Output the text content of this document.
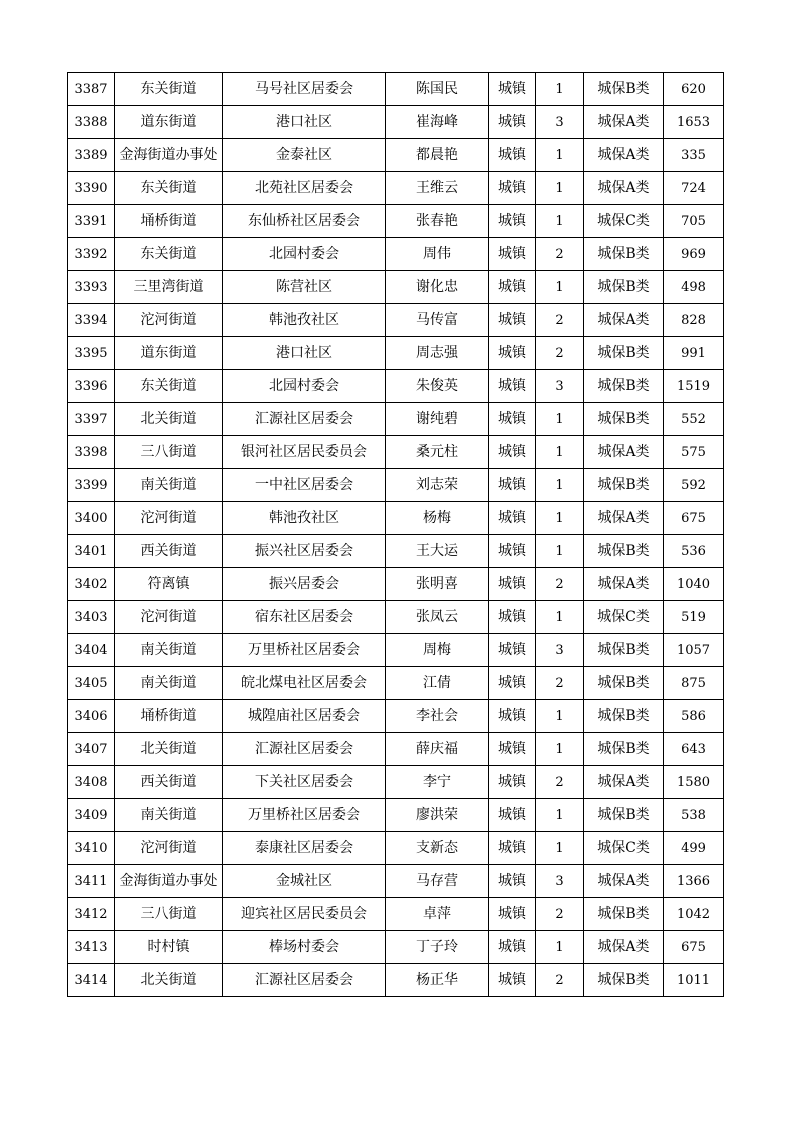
3387	东关街道	马号社区居委会	陈国民	城镇	1	城保B类	620
3388	道东街道	港口社区	崔海峰	城镇	3	城保A类	1653
3389	金海街道办事处	金泰社区	都晨艳	城镇	1	城保A类	335
3390	东关街道	北苑社区居委会	王维云	城镇	1	城保A类	724
3391	埇桥街道	东仙桥社区居委会	张春艳	城镇	1	城保C类	705
3392	东关街道	北园村委会	周伟	城镇	2	城保B类	969
3393	三里湾街道	陈营社区	谢化忠	城镇	1	城保B类	498
3394	沱河街道	韩池孜社区	马传富	城镇	2	城保A类	828
3395	道东街道	港口社区	周志强	城镇	2	城保B类	991
3396	东关街道	北园村委会	朱俊英	城镇	3	城保B类	1519
3397	北关街道	汇源社区居委会	谢纯碧	城镇	1	城保B类	552
3398	三八街道	银河社区居民委员会	桑元柱	城镇	1	城保A类	575
3399	南关街道	一中社区居委会	刘志荣	城镇	1	城保B类	592
3400	沱河街道	韩池孜社区	杨梅	城镇	1	城保A类	675
3401	西关街道	振兴社区居委会	王大运	城镇	1	城保B类	536
3402	符离镇	振兴居委会	张明喜	城镇	2	城保A类	1040
3403	沱河街道	宿东社区居委会	张凤云	城镇	1	城保C类	519
3404	南关街道	万里桥社区居委会	周梅	城镇	3	城保B类	1057
3405	南关街道	皖北煤电社区居委会	江倩	城镇	2	城保B类	875
3406	埇桥街道	城隍庙社区居委会	李社会	城镇	1	城保B类	586
3407	北关街道	汇源社区居委会	薛庆福	城镇	1	城保B类	643
3408	西关街道	下关社区居委会	李宁	城镇	2	城保A类	1580
3409	南关街道	万里桥社区居委会	廖洪荣	城镇	1	城保B类	538
3410	沱河街道	泰康社区居委会	支新态	城镇	1	城保C类	499
3411	金海街道办事处	金城社区	马存营	城镇	3	城保A类	1366
3412	三八街道	迎宾社区居民委员会	卓萍	城镇	2	城保B类	1042
3413	时村镇	棒场村委会	丁子玲	城镇	1	城保A类	675
3414	北关街道	汇源社区居委会	杨正华	城镇	2	城保B类	1011
